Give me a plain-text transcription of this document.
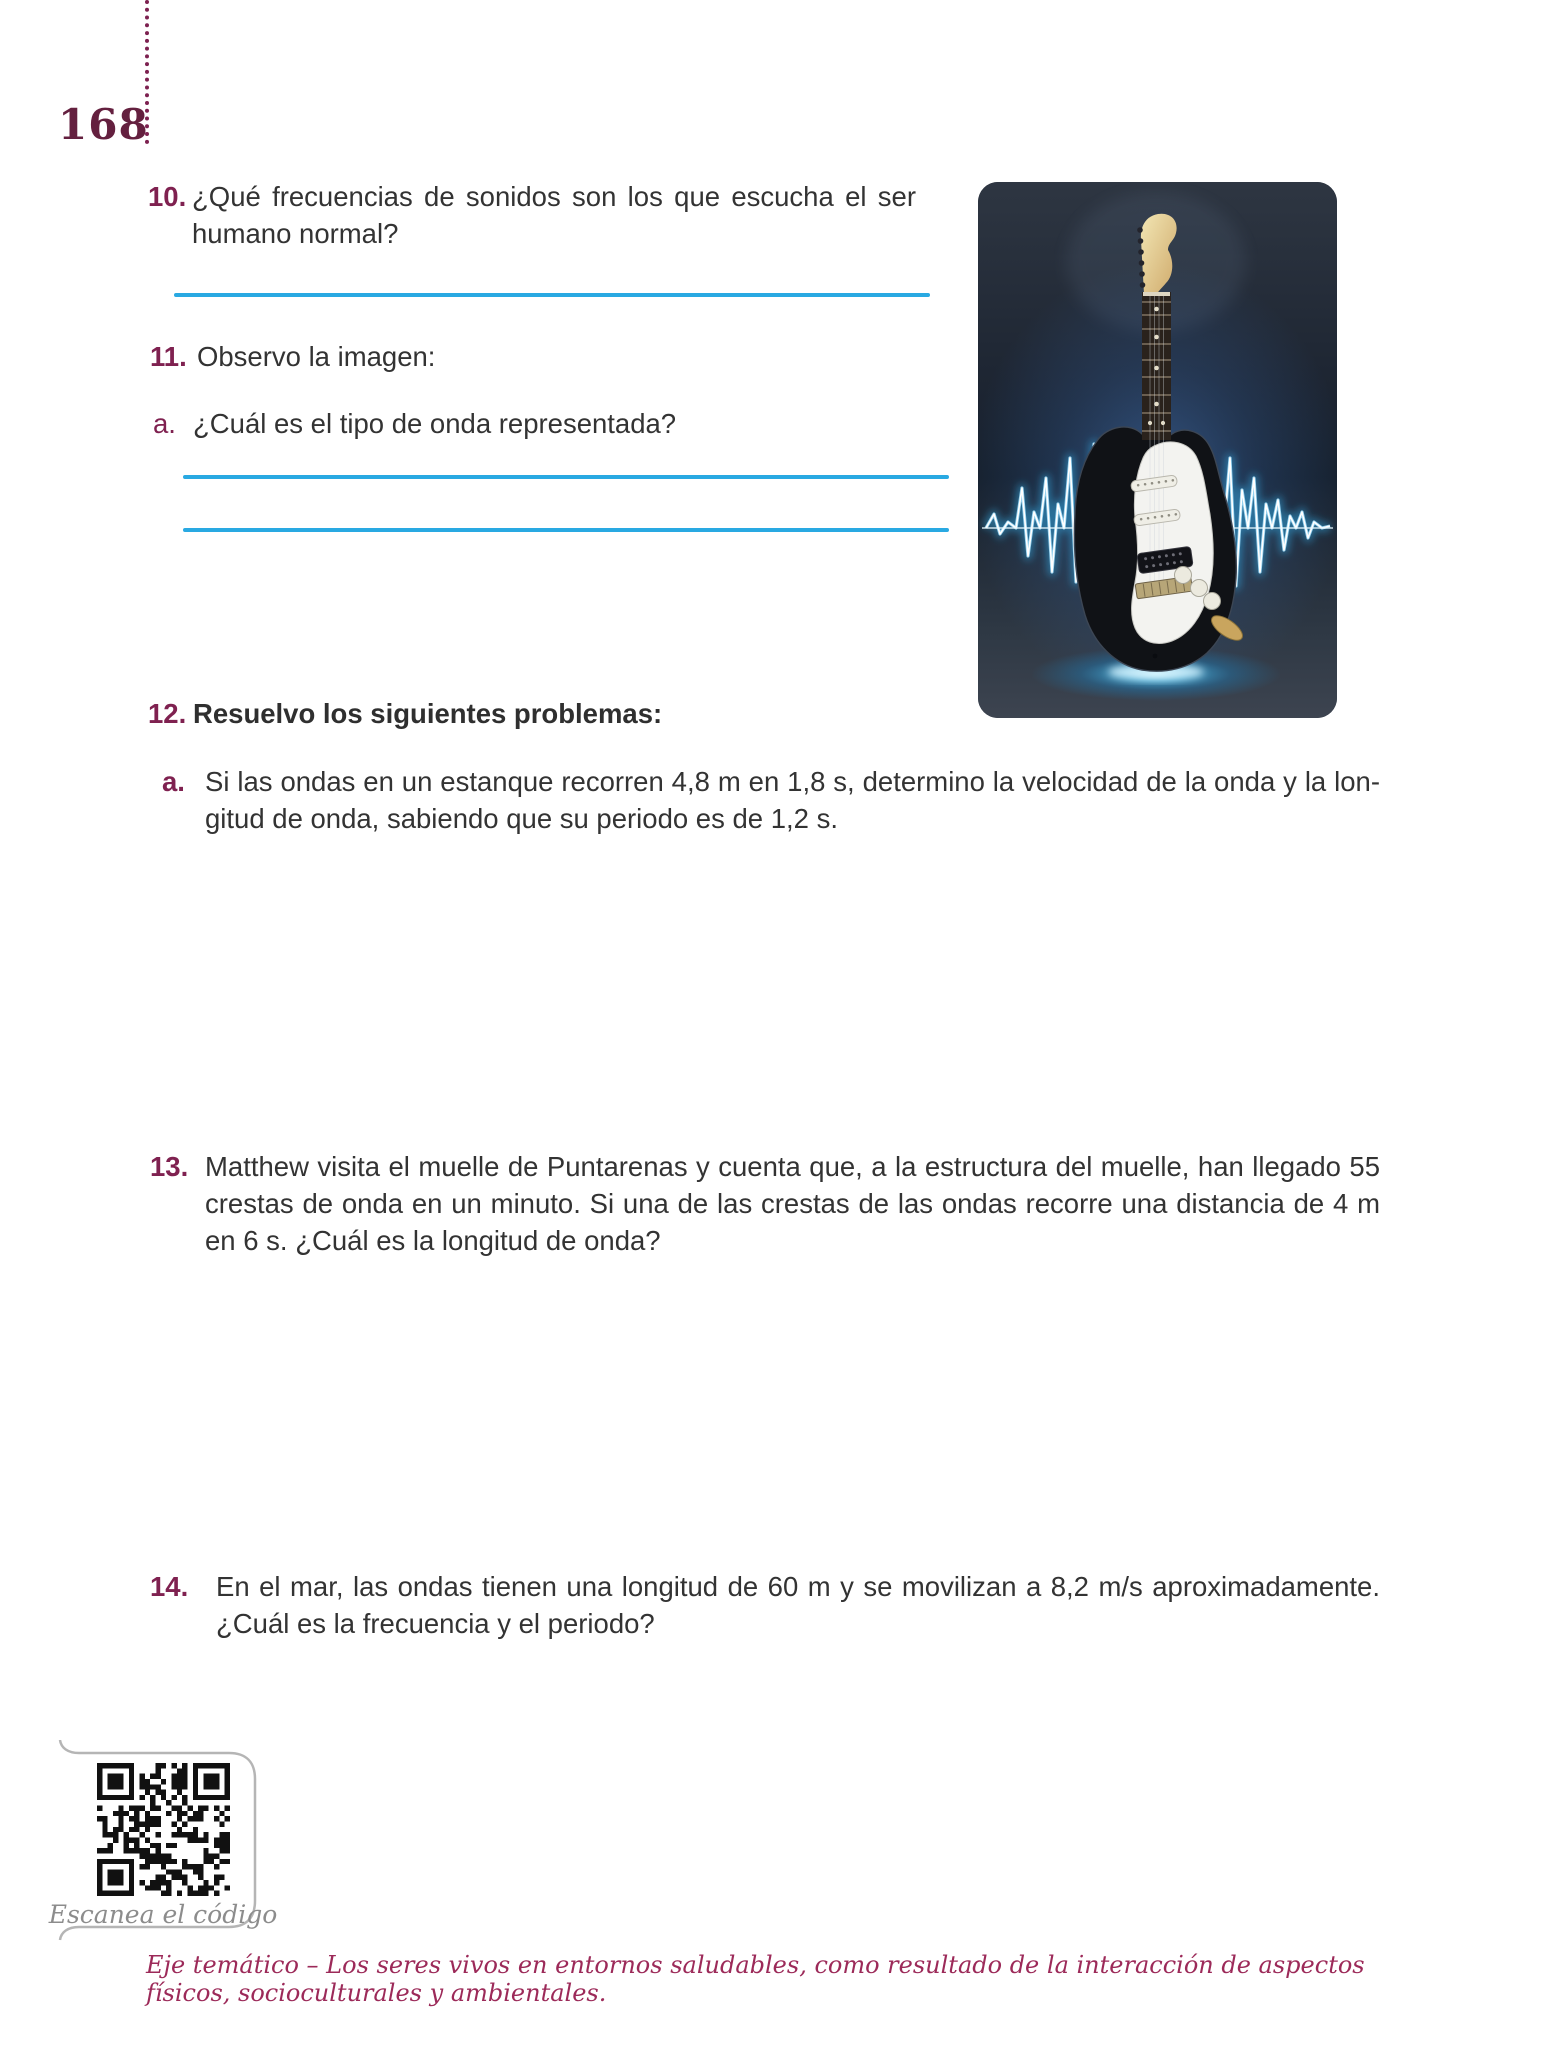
168
10. ¿Qué frecuencias de sonidos son los que escucha el ser
humano normal?
11. Observo la imagen:
a. ¿Cuál es el tipo de onda representada?
12. Resuelvo los siguientes problemas:
a. Si las ondas en un estanque recorren 4,8 m en 1,8 s, determino la velocidad de la onda y la lon-
gitud de onda, sabiendo que su periodo es de 1,2 s.
13. Matthew visita el muelle de Puntarenas y cuenta que, a la estructura del muelle, han llegado 55
crestas de onda en un minuto. Si una de las crestas de las ondas recorre una distancia de 4 m
en 6 s. ¿Cuál es la longitud de onda?
14.	En el mar, las ondas tienen una longitud de 60 m y se movilizan a 8,2 m/s aproximadamente.
¿Cuál es la frecuencia y el periodo?
Escanea el código
Eje temático – Los seres vivos en entornos saludables, como resultado de la interacción de aspectos físicos, socioculturales y ambientales.
